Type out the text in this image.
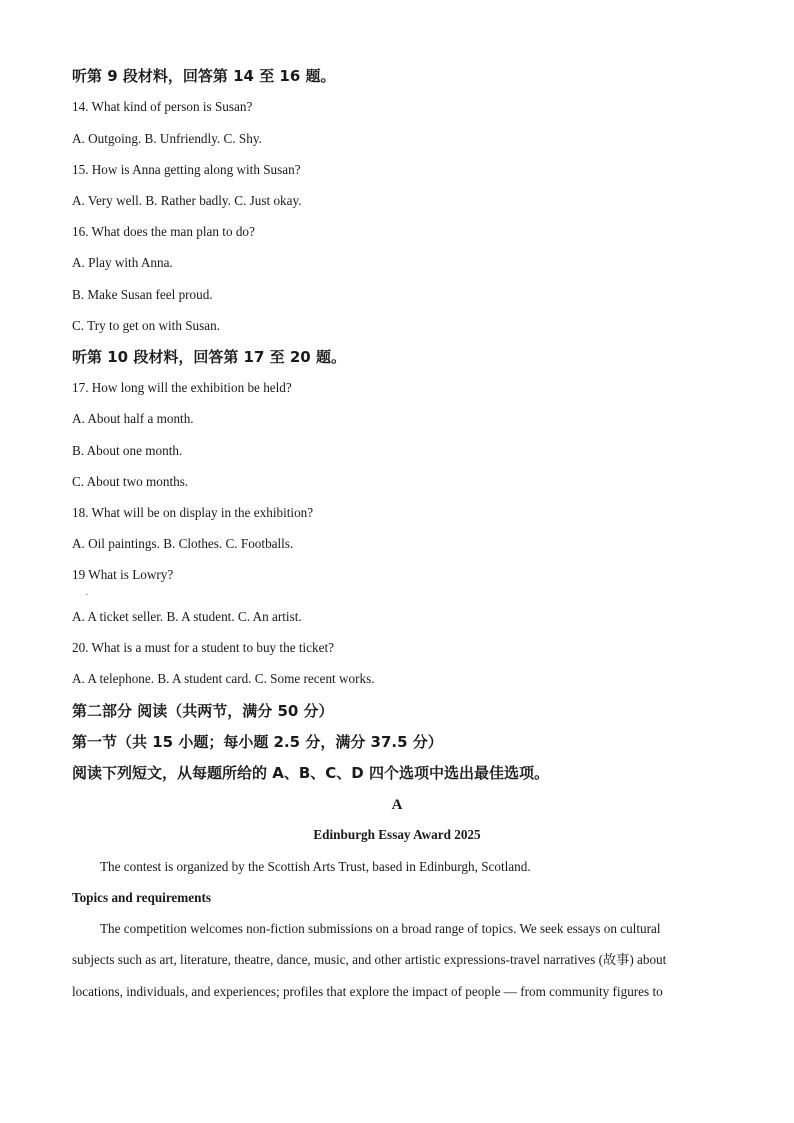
听第 9 段材料，回答第 14 至 16 题。
14. What kind of person is Susan?
A. Outgoing. B. Unfriendly. C. Shy.
15. How is Anna getting along with Susan?
A. Very well. B. Rather badly. C. Just okay.
16. What does the man plan to do?
A. Play with Anna.
B. Make Susan feel proud.
C. Try to get on with Susan.
听第 10 段材料，回答第 17 至 20 题。
17. How long will the exhibition be held?
A. About half a month.
B. About one month.
C. About two months.
18. What will be on display in the exhibition?
A. Oil paintings. B. Clothes. C. Footballs.
19 What is Lowry?
.
A. A ticket seller. B. A student. C. An artist.
20. What is a must for a student to buy the ticket?
A. A telephone. B. A student card. C. Some recent works.
第二部分 阅读（共两节，满分 50 分）
第一节（共 15 小题；每小题 2.5 分，满分 37.5 分）
阅读下列短文，从每题所给的 A、B、C、D 四个选项中选出最佳选项。
A
Edinburgh Essay Award 2025
The contest is organized by the Scottish Arts Trust, based in Edinburgh, Scotland.
Topics and requirements
The competition welcomes non-fiction submissions on a broad range of topics. We seek essays on cultural
subjects such as art, literature, theatre, dance, music, and other artistic expressions-travel narratives (故事) about
locations, individuals, and experiences; profiles that explore the impact of people — from community figures to
